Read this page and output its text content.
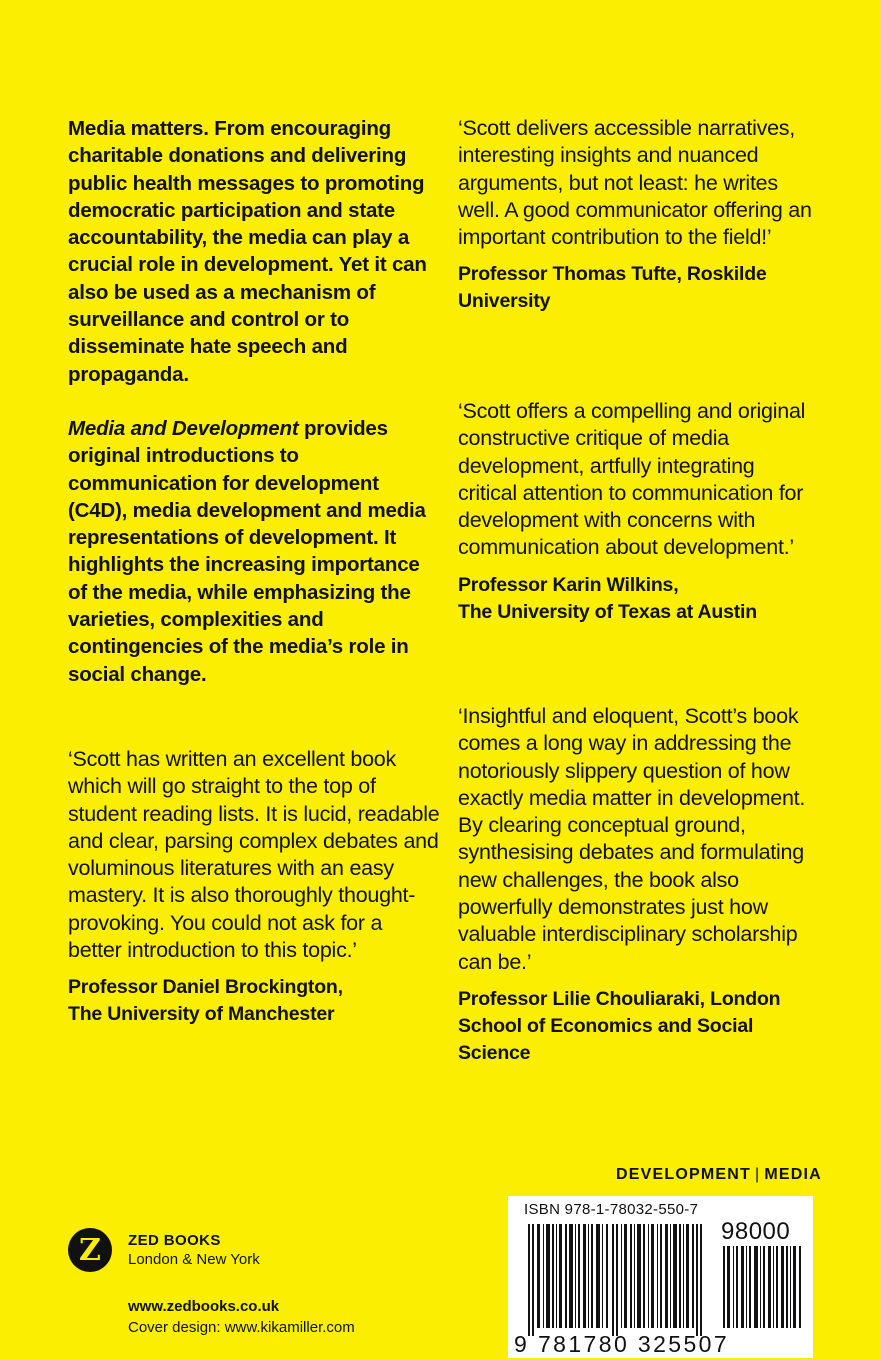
Media matters. From encouraging charitable donations and delivering public health messages to promoting democratic participation and state accountability, the media can play a crucial role in development. Yet it can also be used as a mechanism of surveillance and control or to disseminate hate speech and propaganda.

Media and Development provides original introductions to communication for development (C4D), media development and media representations of development. It highlights the increasing importance of the media, while emphasizing the varieties, complexities and contingencies of the media’s role in social change.

‘Scott has written an excellent book which will go straight to the top of student reading lists. It is lucid, readable and clear, parsing complex debates and voluminous literatures with an easy mastery. It is also thoroughly thought-provoking. You could not ask for a better introduction to this topic.’

Professor Daniel Brockington,
The University of Manchester

‘Scott delivers accessible narratives, interesting insights and nuanced arguments, but not least: he writes well. A good communicator offering an important contribution to the field!’

Professor Thomas Tufte, Roskilde University

‘Scott offers a compelling and original constructive critique of media development, artfully integrating critical attention to communication for development with concerns with communication about development.’

Professor Karin Wilkins,
The University of Texas at Austin

‘Insightful and eloquent, Scott’s book comes a long way in addressing the notoriously slippery question of how exactly media matter in development. By clearing conceptual ground, synthesising debates and formulating new challenges, the book also powerfully demonstrates just how valuable interdisciplinary scholarship can be.’

Professor Lilie Chouliaraki, London School of Economics and Social Science

DEVELOPMENT | MEDIA
Z	ZED BOOKS
London & New York
www.zedbooks.co.uk
Cover design: www.kikamiller.com
ISBN 978-1-78032-550-7
98000
9 781780 325507
